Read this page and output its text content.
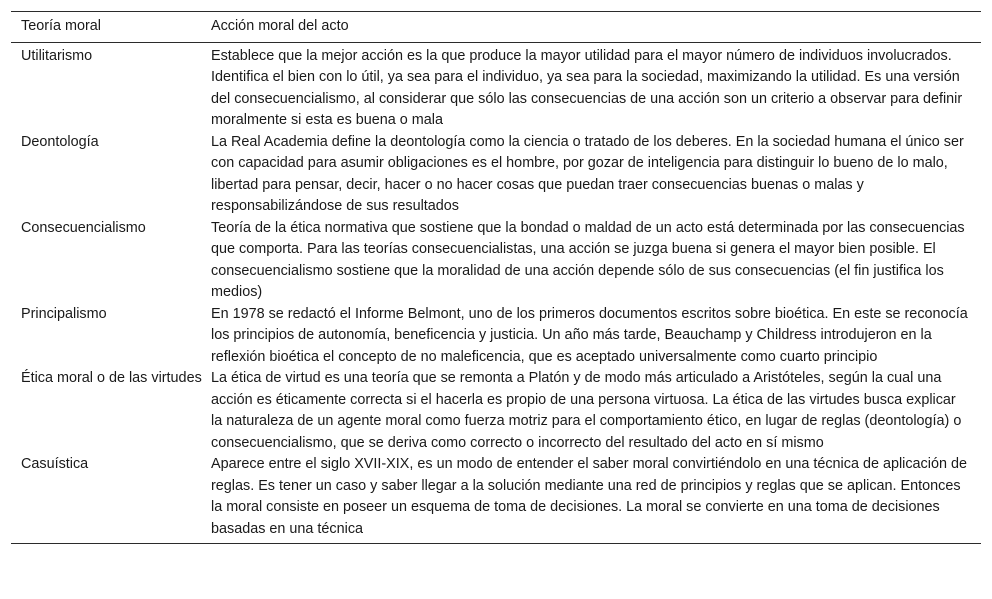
Teoría moral	Acción moral del acto
Utilitarismo	Establece que la mejor acción es la que produce la mayor utilidad para el mayor número de individuos involucrados. Identifica el bien con lo útil, ya sea para el individuo, ya sea para la sociedad, maximizando la utilidad. Es una versión del consecuencialismo, al considerar que sólo las consecuencias de una acción son un criterio a observar para definir moralmente si esta es buena o mala
Deontología	La Real Academia define la deontología como la ciencia o tratado de los deberes. En la sociedad humana el único ser con capacidad para asumir obligaciones es el hombre, por gozar de inteligencia para distinguir lo bueno de lo malo, libertad para pensar, decir, hacer o no hacer cosas que puedan traer consecuencias buenas o malas y responsabilizándose de sus resultados
Consecuencialismo	Teoría de la ética normativa que sostiene que la bondad o maldad de un acto está determinada por las consecuencias que comporta. Para las teorías consecuencialistas, una acción se juzga buena si genera el mayor bien posible. El consecuencialismo sostiene que la moralidad de una acción depende sólo de sus consecuencias (el fin justifica los medios)
Principalismo	En 1978 se redactó el Informe Belmont, uno de los primeros documentos escritos sobre bioética. En este se reconocía los principios de autonomía, beneficencia y justicia. Un año más tarde, Beauchamp y Childress introdujeron en la reflexión bioética el concepto de no maleficencia, que es aceptado universalmente como cuarto principio
Ética moral o de las virtudes	La ética de virtud es una teoría que se remonta a Platón y de modo más articulado a Aristóteles, según la cual una acción es éticamente correcta si el hacerla es propio de una persona virtuosa. La ética de las virtudes busca explicar la naturaleza de un agente moral como fuerza motriz para el comportamiento ético, en lugar de reglas (deontología) o consecuencialismo, que se deriva como correcto o incorrecto del resultado del acto en sí mismo
Casuística	Aparece entre el siglo XVII-XIX, es un modo de entender el saber moral convirtiéndolo en una técnica de aplicación de reglas. Es tener un caso y saber llegar a la solución mediante una red de principios y reglas que se aplican. Entonces la moral consiste en poseer un esquema de toma de decisiones. La moral se convierte en una toma de decisiones basadas en una técnica
